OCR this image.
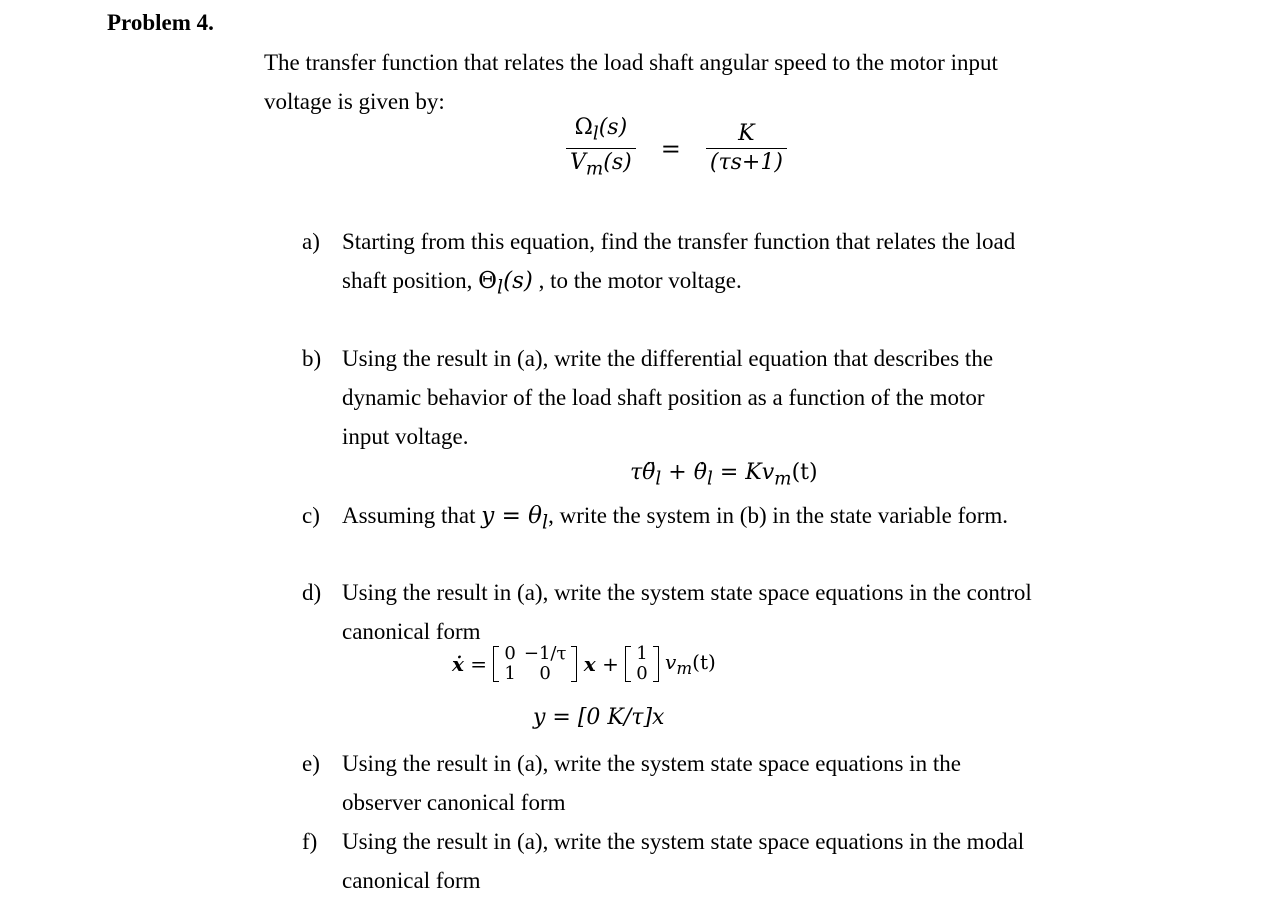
Problem 4.
The transfer function that relates the load shaft angular speed to the motor input
voltage is given by:
$\frac{\Omega_l(s)}{V_m(s)} = \frac{K}{(\tau s+1)}$
a) Starting from this equation, find the transfer function that relates the load
shaft position, $\Theta_l(s)$ , to the motor voltage.
b) Using the result in (a), write the differential equation that describes the
dynamic behavior of the load shaft position as a function of the motor
input voltage.
$\tau\thetä_l$ + $\thetȧ_l = Kv_m(t)$
c) Assuming that $y = \theta_l$, write the system in (b) in the state variable form.
d) Using the result in (a), write the system state space equations in the control
canonical form
ẋ = 0	−1/τ
1	0 x + 1
0 $v_m(t)$
y = [0 K/τ]x
e) Using the result in (a), write the system state space equations in the
observer canonical form
f) Using the result in (a), write the system state space equations in the modal
canonical form
